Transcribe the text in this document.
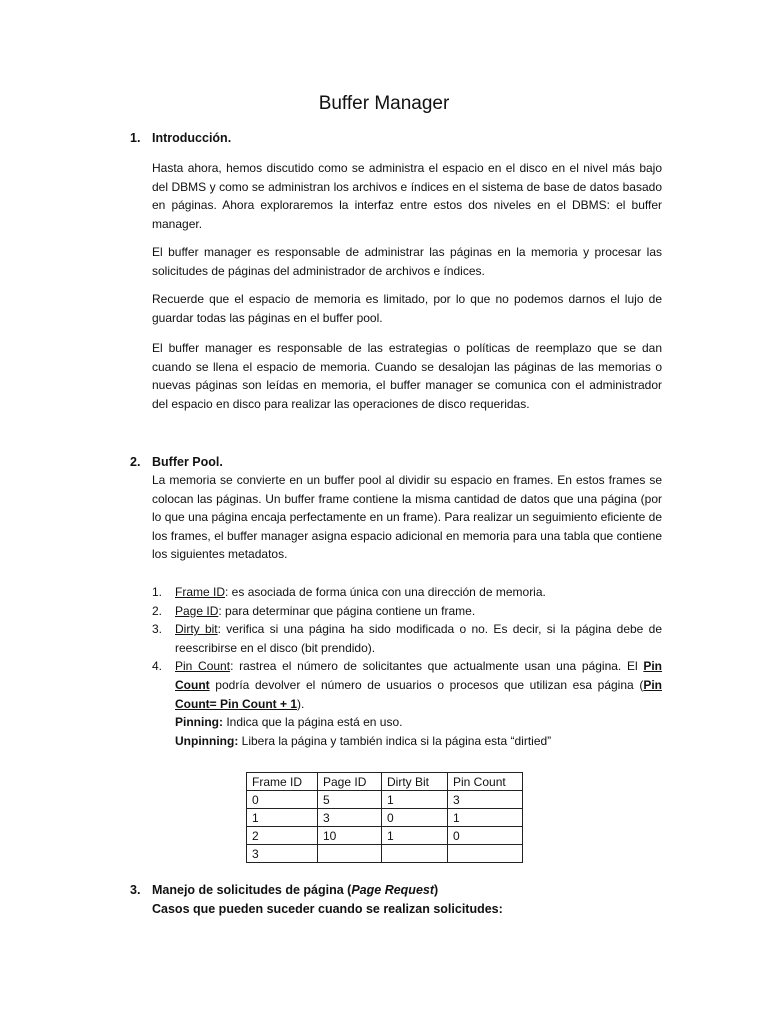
Buffer Manager
1. Introducción.

Hasta ahora, hemos discutido como se administra el espacio en el disco en el nivel más bajo del DBMS y como se administran los archivos e índices en el sistema de base de datos basado en páginas. Ahora exploraremos la interfaz entre estos dos niveles en el DBMS: el buffer manager.

El buffer manager es responsable de administrar las páginas en la memoria y procesar las solicitudes de páginas del administrador de archivos e índices.

Recuerde que el espacio de memoria es limitado, por lo que no podemos darnos el lujo de guardar todas las páginas en el buffer pool.

El buffer manager es responsable de las estrategias o políticas de reemplazo que se dan cuando se llena el espacio de memoria. Cuando se desalojan las páginas de las memorias o nuevas páginas son leídas en memoria, el buffer manager se comunica con el administrador del espacio en disco para realizar las operaciones de disco requeridas.

2. Buffer Pool.

La memoria se convierte en un buffer pool al dividir su espacio en frames. En estos frames se colocan las páginas. Un buffer frame contiene la misma cantidad de datos que una página (por lo que una página encaja perfectamente en un frame). Para realizar un seguimiento eficiente de los frames, el buffer manager asigna espacio adicional en memoria para una tabla que contiene los siguientes metadatos.

1. Frame ID: es asociada de forma única con una dirección de memoria.
2. Page ID: para determinar que página contiene un frame.
3. Dirty bit: verifica si una página ha sido modificada o no. Es decir, si la página debe de reescribirse en el disco (bit prendido).
4. Pin Count: rastrea el número de solicitantes que actualmente usan una página. El Pin Count podría devolver el número de usuarios o procesos que utilizan esa página (Pin Count= Pin Count + 1).
Pinning: Indica que la página está en uso.
Unpinning: Libera la página y también indica si la página esta “dirtied”
Frame ID	Page ID	Dirty Bit	Pin Count
0	5	1	3
1	3	0	1
2	10	1	0
3			
3. Manejo de solicitudes de página (Page Request)
Casos que pueden suceder cuando se realizan solicitudes:
